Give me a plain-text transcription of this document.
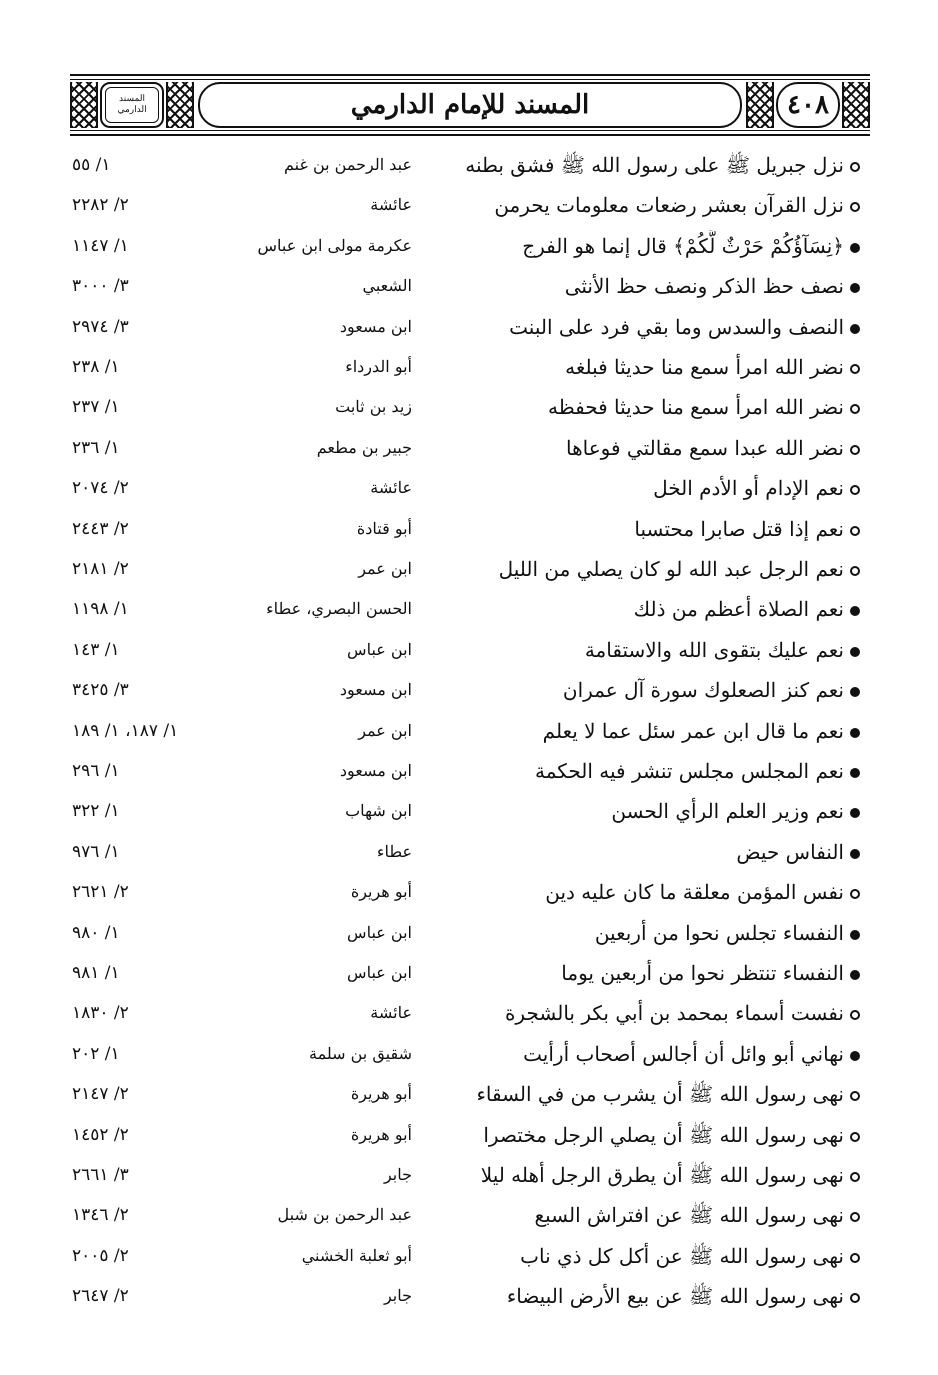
المسند
الدارمي	المسند للإمام الدارمي	٤٠٨
نزل جبريل ﷺ على رسول الله ﷺ فشق بطنه
عبد الرحمن بن غنم
١/ ٥٥
نزل القرآن بعشر رضعات معلومات يحرمن
عائشة
٢/ ٢٢٨٢
﴿نِسَآؤُكُمْ حَرْثٌ لَّكُمْ﴾ قال إنما هو الفرج
عكرمة مولى ابن عباس
١/ ١١٤٧
نصف حظ الذكر ونصف حظ الأنثى
الشعبي
٣/ ٣٠٠٠
النصف والسدس وما بقي فرد على البنت
ابن مسعود
٣/ ٢٩٧٤
نضر الله امرأ سمع منا حديثا فبلغه
أبو الدرداء
١/ ٢٣٨
نضر الله امرأ سمع منا حديثا فحفظه
زيد بن ثابت
١/ ٢٣٧
نضر الله عبدا سمع مقالتي فوعاها
جبير بن مطعم
١/ ٢٣٦
نعم الإدام أو الأدم الخل
عائشة
٢/ ٢٠٧٤
نعم إذا قتل صابرا محتسبا
أبو قتادة
٢/ ٢٤٤٣
نعم الرجل عبد الله لو كان يصلي من الليل
ابن عمر
٢/ ٢١٨١
نعم الصلاة أعظم من ذلك
الحسن البصري، عطاء
١/ ١١٩٨
نعم عليك بتقوى الله والاستقامة
ابن عباس
١/ ١٤٣
نعم كنز الصعلوك سورة آل عمران
ابن مسعود
٣/ ٣٤٢٥
نعم ما قال ابن عمر سئل عما لا يعلم
ابن عمر
١/ ١٨٧، ١/ ١٨٩
نعم المجلس مجلس تنشر فيه الحكمة
ابن مسعود
١/ ٢٩٦
نعم وزير العلم الرأي الحسن
ابن شهاب
١/ ٣٢٢
النفاس حيض
عطاء
١/ ٩٧٦
نفس المؤمن معلقة ما كان عليه دين
أبو هريرة
٢/ ٢٦٢١
النفساء تجلس نحوا من أربعين
ابن عباس
١/ ٩٨٠
النفساء تنتظر نحوا من أربعين يوما
ابن عباس
١/ ٩٨١
نفست أسماء بمحمد بن أبي بكر بالشجرة
عائشة
٢/ ١٨٣٠
نهاني أبو وائل أن أجالس أصحاب أرأيت
شقيق بن سلمة
١/ ٢٠٢
نهى رسول الله ﷺ أن يشرب من في السقاء
أبو هريرة
٢/ ٢١٤٧
نهى رسول الله ﷺ أن يصلي الرجل مختصرا
أبو هريرة
٢/ ١٤٥٢
نهى رسول الله ﷺ أن يطرق الرجل أهله ليلا
جابر
٣/ ٢٦٦١
نهى رسول الله ﷺ عن افتراش السبع
عبد الرحمن بن شبل
٢/ ١٣٤٦
نهى رسول الله ﷺ عن أكل كل ذي ناب
أبو ثعلبة الخشني
٢/ ٢٠٠٥
نهى رسول الله ﷺ عن بيع الأرض البيضاء
جابر
٢/ ٢٦٤٧
